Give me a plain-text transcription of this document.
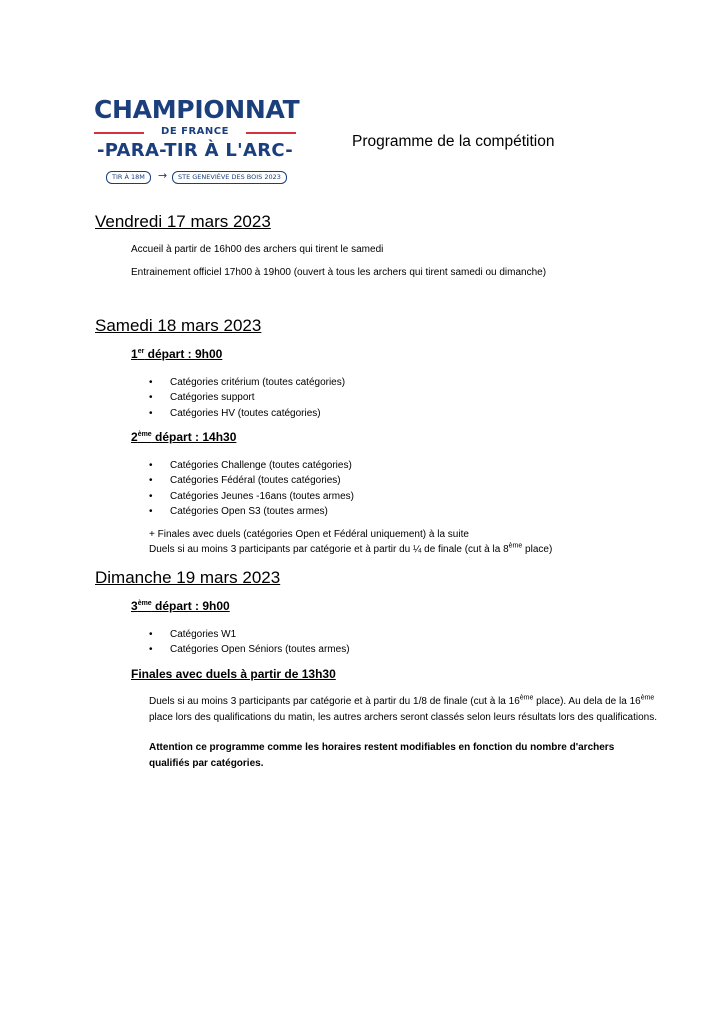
CHAMPIONNAT
DE FRANCE
-PARA-TIR À L'ARC-
TIR À 18M	→	STE GENEVIÈVE DES BOIS 2023
Programme de la compétition
Vendredi 17 mars 2023
Accueil à partir de 16h00 des archers qui tirent le samedi
Entrainement officiel 17h00 à 19h00 (ouvert à tous les archers qui tirent samedi ou dimanche)
Samedi 18 mars 2023
1er départ : 9h00
• Catégories critérium (toutes catégories)
• Catégories support
• Catégories HV (toutes catégories)
2ème départ : 14h30
• Catégories Challenge (toutes catégories)
• Catégories Fédéral (toutes catégories)
• Catégories Jeunes -16ans (toutes armes)
• Catégories Open S3 (toutes armes)
+ Finales avec duels (catégories Open et Fédéral uniquement) à la suite
Duels si au moins 3 participants par catégorie et à partir du ¼ de finale (cut à la 8ème place)
Dimanche 19 mars 2023
3ème départ : 9h00
• Catégories W1
• Catégories Open Séniors (toutes armes)
Finales avec duels à partir de 13h30
Duels si au moins 3 participants par catégorie et à partir du 1/8 de finale (cut à la 16ème place). Au dela de la 16ème place lors des qualifications du matin, les autres archers seront classés selon leurs résultats lors des qualifications.
Attention ce programme comme les horaires restent modifiables en fonction du nombre d'archers qualifiés par catégories.
